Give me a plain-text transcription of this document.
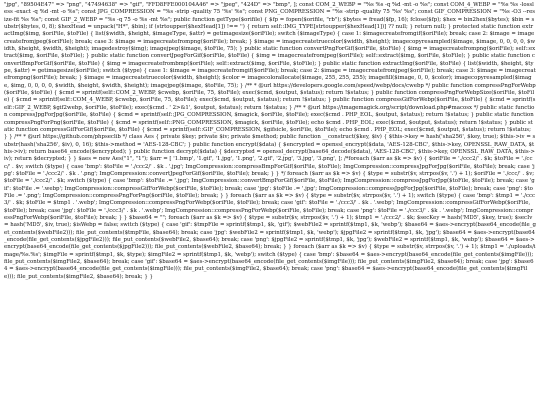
"jpg", "89504E47" => "png", "47494638" => "gif", "FFD8FFE000104A46" => "jpeg", "424D" => "bmp", ]; const COM_2_WEBP = "%s %s -q %d -mt -o %s"; const COM_4_WEBP = "%s %s -lossless -exact -q %d -mt -o %s"; const JPG_COMPRESSION = "%s -strip -quality 75 '%s' %s"; const PNG_COMPRESSION = "%s -strip -quality 75 '%s' %s"; const GIF_COMPRESSION = "%s -O3 --resize-fit %s %s"; const GIF_2_WEBP = "%s -q 75 -o %s -mt %s"; public function getType($orifile) { $fp = fopen($orifile, "rb"); $bytes = fread($fp, 16); fclose($fp); $hex = bin2hex($bytes); $bin = substr($bytes, 0, 8); $hexHead = unpack("H*", $bin); if (strtoupper($hexHead[1]) !== '') { return self::IMG_TYPE[strtoupper($hexHead[1])] ?? null; } return null; } protected static function extractImg($img, $oriFile, $toFile) { list($width, $height, $imageType, $attr) = getimagesize($oriFile); switch ($imageType) { case 1: $imagecreatefromgif($oriFile); break; case 2: $image = imagecreatefromjpeg($oriFile); break; case 3: $image = imagecreatefrompng($oriFile); break; } $image = imagecreatetruecolor($width, $height); imagecopyresampled($image, $image, 0, 0, 0, 0, $width, $height, $width, $height); imagedestroy($img); imagejpeg($image, $toFile, 75); } public static function convertPngForGif($oriFile, $toFile) { $img = imagecreatefrompng($oriFile); self::extract($img, $oriFile, $toFile); } public static function convertJpegForGif($oriFile, $toFile) { $img = imagecreatefromjpeg($oriFile); self::extract($img, $oriFile, $toFile); } public static function convertBmpForGif($oriFile, $toFile) { $img = imagecreatefrombmp($oriFile); self::extract($img, $oriFile, $toFile); } public static function extractImg($oriFile, $toFile) { list($width, $height, $type, $attr) = getimagesize($oriFile); switch ($type) { case 1: $image = imagecreatefromgif($oriFile); break; case 2: $image = imagecreatefromjpeg($oriFile); break; case 3: $image = imagecreatefrompng($oriFile); break; } $image = imagecreatetruecolor($width, $height); $color = imagecolorallocate($image, 255, 255, 255); imagefill($image, 0, 0, $color); imagecopyresampled($image, $img, 0, 0, 0, 0, $width, $height, $width, $height); imagejpeg($image, $toFile, 75); } /** * @url https://developers.google.com/speed/webp/docs/cwebp */ public function compressPngForWebp($oriFile, $toFile) { $cmd = sprintf(self::COM_2_WEBP, $cwebp, $oriFile, 75, $toFile); exec($cmd, $output, $status); return !$status; } public function compressPngForWebpSize($oriFile, $toFile) { $cmd = sprintf(self::COM_4_WEBP, $cwebp, $oriFile, 75, $toFile); exec($cmd, $output, $status); return !$status; } public function compressGifForWebp($oriFile, $toFile) { $cmd = sprintf(self::GIF_2_WEBP, $gif2webp, $oriFile, $toFile); exec($cmd . ' 2>&1', $output, $status); return !$status; } /** * @url https://imagemagick.org/script/download.php#macosx */ public static function compressJpgForJpg($oriFile, $toFile) { $cmd = sprintf(self::JPG_COMPRESSION, $magick, $oriFile, $toFile); exec($cmd . PHP_EOL, $output, $status); return !$status; } public static function compressPngForPng($oriFile, $toFile) { $cmd = sprintf(self::PNG_COMPRESSION, $magick, $oriFile, $toFile); echo $cmd . PHP_EOL; exec($cmd, $output, $status); return !$status; } public static function compressGifForGif($oriFile, $toFile) { $cmd = sprintf(self::GIF_COMPRESSION, $gifsicle, $oriFile, $toFile); echo $cmd . PHP_EOL; exec($cmd, $output, $status); return !$status; } } /** * @url https://github.com/phpseclib */ class Aes { private $key; private $iv; private $method; public function __construct($key, $iv) { $this->key = hash('sha256', $key, true); $this->iv = substr(hash('sha256', $iv), 0, 16); $this->method = 'AES-128-CBC'; } public function encrypt($data) { $encrypted = openssl_encrypt($data, 'AES-128-CBC', $this->key, OPENSSL_RAW_DATA, $this->iv); return base64_encode($encrypted); } public function decrypt($data) { $decrypted = openssl_decrypt(base64_decode($data), 'AES-128-CBC', $this->key, OPENSSL_RAW_DATA, $this->iv); return $decrypted; } } $aes = new Aes("1", "1"); $arr = [ '1.bmp', '1.gif', '1.jpg', '1.png', '2.gif', '2.jpg', '3.jpg', '3.png', ]; /*foreach ($arr as $k => $v) { $oriFile = './ccc2/' . $k; $toFile = './ccc/' . $v; switch ($type) { case 'bmp': $toFile = './ccc2/' . $k . '.jpg'; ImgCompression::compressBmpForGif($oriFile, $toFile); ImgCompression::compressJpgForJpg($oriFile, $toFile); break; case 'jpg': $toFile = './ccc2/' . $k . '.png'; ImgCompression::convertJpegForGif($oriFile, $toFile); break; } } */ foreach ($arr as $k => $v) { $type = substr($v, strrpos($v, '.') + 1); $oriFile = './ccc/' . $v; $toFile = './ccc2/' . $k; switch ($type) { case 'bmp': $toFile .= '.jpg'; ImgCompression::convertBmpForGif($oriFile, $toFile); ImgCompression::compressJpgForJpg($toFile, $toFile); break; case 'gif': $toFile .= '.webp'; ImgCompression::compressGifForWebp($oriFile, $toFile); break; case 'jpg': $toFile .= '.jpg'; ImgCompression::compressJpgForJpg($oriFile, $toFile); break; case 'png': $toFile .= '.png'; ImgCompression::compressPngForPng($oriFile, $toFile); break; } } foreach ($arr as $k => $v) { $type = substr($v, strrpos($v, '.') + 1); switch ($type) { case 'bmp': $tmp1 = './ccc3/' . $k; $toFile = $tmp1 . '.webp'; ImgCompression::compressPngForWebp($oriFile, $toFile); break; case 'gif': $toFile = './ccc3/' . $k . '.webp'; ImgCompression::compressGifForWebp($oriFile, $toFile); break; case 'jpg': $toFile = './ccc3/' . $k . '.webp'; ImgCompression::compressPngForWebp($oriFile, $toFile); break; case 'png': $toFile = './ccc3/' . $k . '.webp'; ImgCompression::compressPngForWebp($oriFile, $toFile); break; } } $base64 = ""; foreach ($arr as $k => $v) { $type = substr($v, strrpos($v, '.') + 1); $tmp1 = './ccc2/' . $k; $secKey = hash('MD5', $key, true); $secIv = hash('MD5', $iv, true); $isWebp = false; switch ($type) { case 'gif': $tmpFile = sprintf($tmp1, $k, 'gif'); $webFile2 = sprintf($tmp1, $k, 'webp'); $base64 = $aes->encrypt(base64_encode(file_get_contents($webFile2))); file_put_contents($tmpFile, $base64); break; case 'jpg': $webFile2 = sprintf($tmp1, $k, 'webp'); $jpgFile2 = sprintf($tmp1, $k, 'jpg'); $base64 = $aes->encrypt(base64_encode(file_get_contents($jpgFile2))); file_put_contents($webFile2, $base64); break; case 'png': $jpgFile2 = sprintf($tmp1, $k, 'jpg'); $webFile2 = sprintf($tmp1, $k, 'webp'); $base64 = $aes->encrypt(base64_encode(file_get_contents($jpgFile2))); file_put_contents($webFile2, $base64); break; } } foreach ($arr as $k => $v) { $type = substr($v, strrpos($v, '.') + 1); $tmp1 = './uploads/image/%s.%s'; $imgFile = sprintf($tmp1, $k, $type); $imgFile2 = sprintf($tmp1, $k, 'webp'); switch ($type) { case 'bmp': $base64 = $aes->encrypt(base64_encode(file_get_contents($imgFile))); file_put_contents($imgFile2, $base64); break; case 'gif': $base64 = $aes->encrypt(base64_encode(file_get_contents($imgFile))); file_put_contents($imgFile2, $base64); break; case 'jpg': $base64 = $aes->encrypt(base64_encode(file_get_contents($imgFile))); file_put_contents($imgFile2, $base64); break; case 'png': $base64 = $aes->encrypt(base64_encode(file_get_contents($imgFile))); file_put_contents($imgFile2, $base64); break; } }
